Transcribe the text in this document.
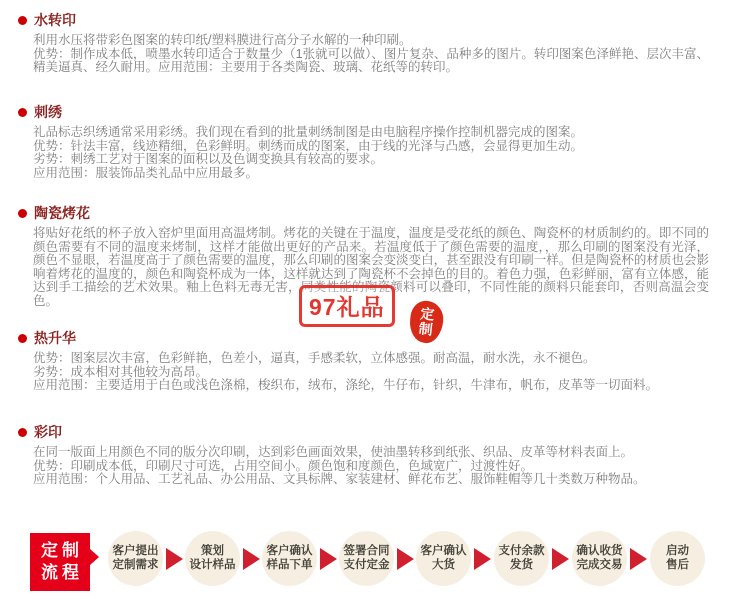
水转印

利用水压将带彩色图案的转印纸/塑料膜进行高分子水解的一种印刷。

优势：制作成本低，喷墨水转印适合于数量少（1张就可以做）、图片复杂、品种多的图片。转印图案色泽鲜艳、层次丰富、精美逼真、经久耐用。应用范围：主要用于各类陶瓷、玻璃、花纸等的转印。

刺绣

礼品标志织绣通常采用彩绣。我们现在看到的批量刺绣制图是由电脑程序操作控制机器完成的图案。

优势：针法丰富，线迹精细，色彩鲜明。刺绣而成的图案，由于线的光泽与凸感，会显得更加生动。

劣势：刺绣工艺对于图案的面积以及色调变换具有较高的要求。

应用范围：服装饰品类礼品中应用最多。

陶瓷烤花

将贴好花纸的杯子放入窑炉里面用高温烤制。烤花的关键在于温度，温度是受花纸的颜色、陶瓷杯的材质制约的。即不同的颜色需要有不同的温度来烤制，这样才能做出更好的产品来。若温度低于了颜色需要的温度，，那么印刷的图案没有光泽，颜色不显眼，若温度高于了颜色需要的温度，那么印刷的图案会变淡变白，甚至跟没有印刷一样。但是陶瓷杯的材质也会影响着烤花的温度的，颜色和陶瓷杯成为一体，这样就达到了陶瓷杯不会掉色的目的。着色力强，色彩鲜丽，富有立体感，能达到手工描绘的艺术效果。釉上色料无毒无害，同类性能的陶瓷颜料可以叠印，不同性能的颜料只能套印，否则高温会变色。

热升华

优势：图案层次丰富，色彩鲜艳，色差小，逼真，手感柔软，立体感强。耐高温，耐水洗，永不褪色。

劣势：成本相对其他较为高昂。

应用范围：主要适用于白色或浅色涤棉，梭织布，绒布，涤纶，牛仔布，针织，牛津布，帆布，皮革等一切面料。

彩印

在同一版面上用颜色不同的版分次印刷，达到彩色画面效果，使油墨转移到纸张、织品、皮革等材料表面上。

优势：印刷成本低，印刷尺寸可选，占用空间小。颜色饱和度颜色，色域宽广，过渡性好。

应用范围：个人用品、工艺礼品、办公用品、文具标牌、家装建材、鲜花布艺、服饰鞋帽等几十类数万种物品。

97礼品	定
制
定制
流程
客户提出
定制需求
策划
设计样品
客户确认
样品下单
签署合同
支付定金
客户确认
大货
支付余款
发货
确认收货
完成交易
启动
售后
